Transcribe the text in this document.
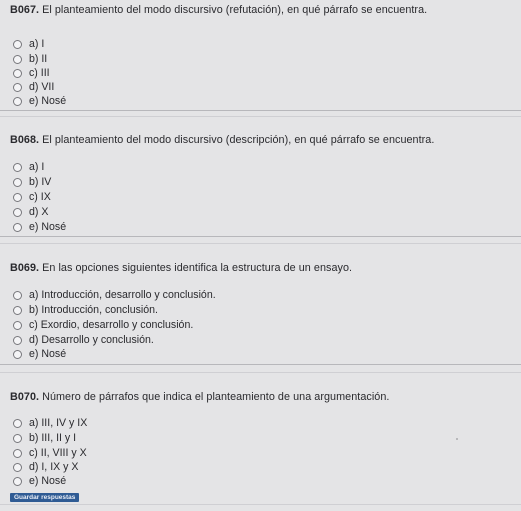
B067. El planteamiento del modo discursivo (refutación), en qué párrafo se encuentra.
a) I
b) II
c) III
d) VII
e) Nosé
B068. El planteamiento del modo discursivo (descripción), en qué párrafo se encuentra.
a) I
b) IV
c) IX
d) X
e) Nosé
B069. En las opciones siguientes identifica la estructura de un ensayo.
a) Introducción, desarrollo y conclusión.
b) Introducción, conclusión.
c) Exordio, desarrollo y conclusión.
d) Desarrollo y conclusión.
e) Nosé
B070. Número de párrafos que indica el planteamiento de una argumentación.
a) III, IV y IX
b) III, II y I
c) II, VIII y X
d) I, IX y X
e) Nosé
Guardar respuestas
